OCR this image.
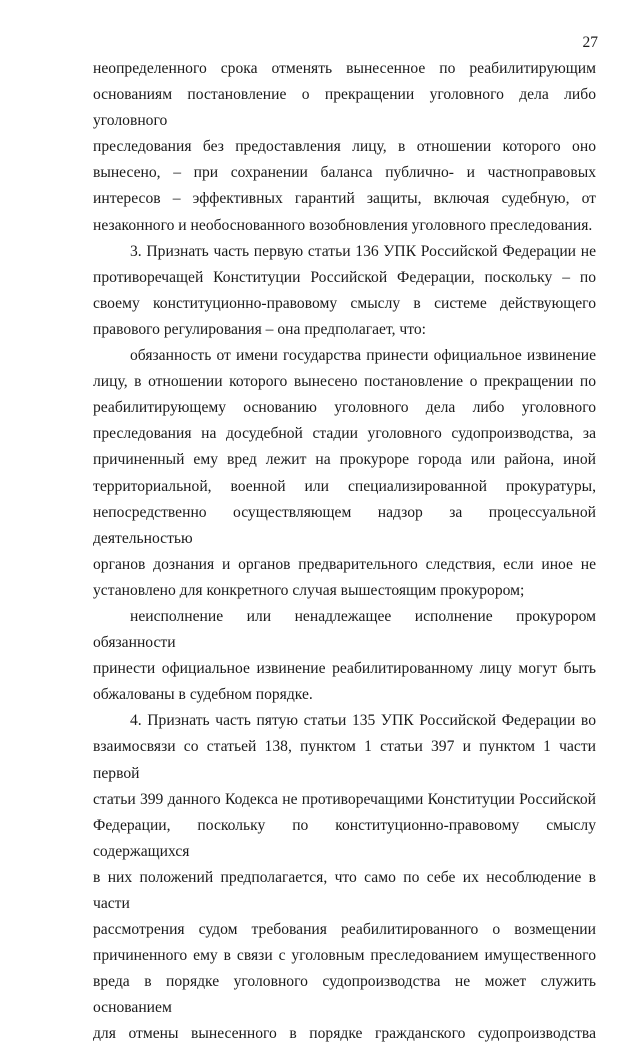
27
неопределенного срока отменять вынесенное по реабилитирующим
основаниям постановление о прекращении уголовного дела либо уголовного
преследования без предоставления лицу, в отношении которого оно
вынесено, – при сохранении баланса публично- и частноправовых
интересов – эффективных гарантий защиты, включая судебную, от
незаконного и необоснованного возобновления уголовного преследования.
3. Признать часть первую статьи 136 УПК Российской Федерации не
противоречащей Конституции Российской Федерации, поскольку – по
своему конституционно-правовому смыслу в системе действующего
правового регулирования – она предполагает, что:
обязанность от имени государства принести официальное извинение
лицу, в отношении которого вынесено постановление о прекращении по
реабилитирующему основанию уголовного дела либо уголовного
преследования на досудебной стадии уголовного судопроизводства, за
причиненный ему вред лежит на прокуроре города или района, иной
территориальной, военной или специализированной прокуратуры,
непосредственно осуществляющем надзор за процессуальной деятельностью
органов дознания и органов предварительного следствия, если иное не
установлено для конкретного случая вышестоящим прокурором;
неисполнение или ненадлежащее исполнение прокурором обязанности
принести официальное извинение реабилитированному лицу могут быть
обжалованы в судебном порядке.
4. Признать часть пятую статьи 135 УПК Российской Федерации во
взаимосвязи со статьей 138, пунктом 1 статьи 397 и пунктом 1 части первой
статьи 399 данного Кодекса не противоречащими Конституции Российской
Федерации, поскольку по конституционно-правовому смыслу содержащихся
в них положений предполагается, что само по себе их несоблюдение в части
рассмотрения судом требования реабилитированного о возмещении
причиненного ему в связи с уголовным преследованием имущественного
вреда в порядке уголовного судопроизводства не может служить основанием
для отмены вынесенного в порядке гражданского судопроизводства
